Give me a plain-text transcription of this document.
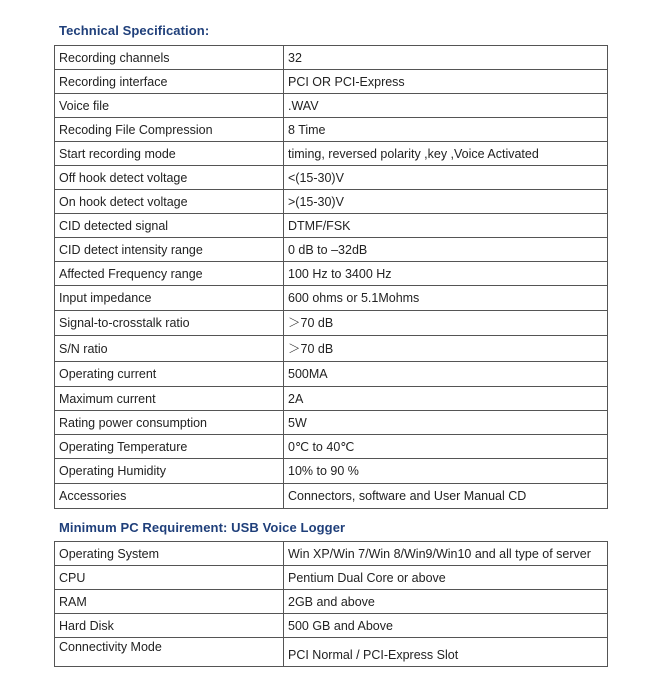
Technical Specification:
Recording channels	32
Recording interface	PCI OR PCI-Express
Voice file	.WAV
Recoding File Compression	8 Time
Start recording mode	timing, reversed polarity ,key ,Voice Activated
Off hook detect voltage	<(15-30)V
On hook detect voltage	>(15-30)V
CID detected signal	DTMF/FSK
CID detect intensity range	0 dB to –32dB
Affected Frequency range	100 Hz to 3400 Hz
Input impedance	600 ohms or 5.1Mohms
Signal-to-crosstalk ratio	＞70 dB
S/N ratio	＞70 dB
Operating current	500MA
Maximum current	2A
Rating power consumption	5W
Operating Temperature	0℃ to 40℃
Operating Humidity	10% to 90 %
Accessories	Connectors, software and User Manual CD
Minimum PC Requirement: USB Voice Logger
Operating System	Win XP/Win 7/Win 8/Win9/Win10 and all type of server
CPU	Pentium Dual Core or above
RAM	2GB and above
Hard Disk	500 GB and Above
Connectivity Mode	PCI Normal / PCI-Express Slot
